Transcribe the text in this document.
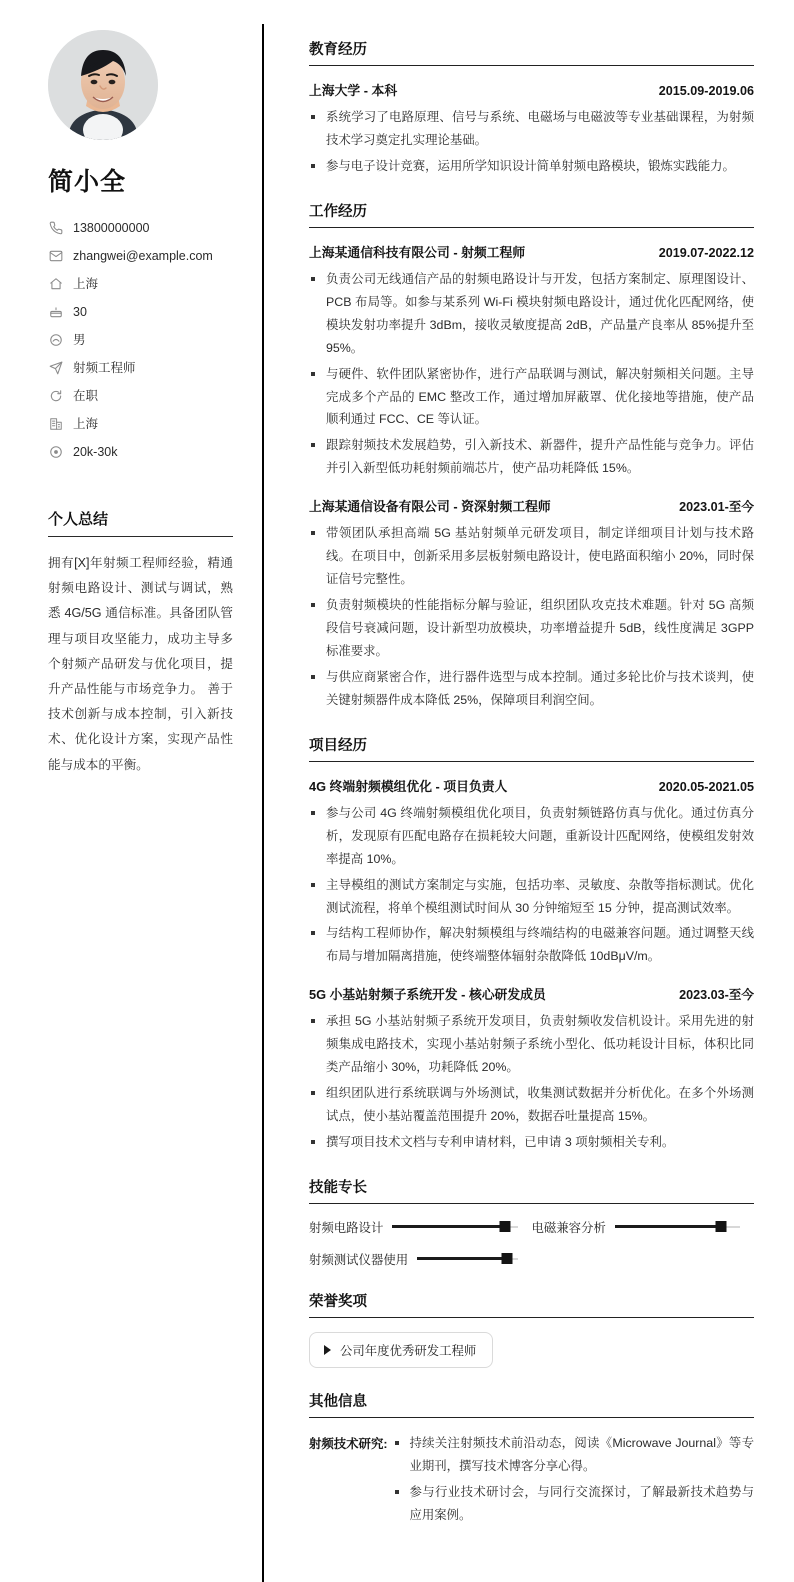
简小全
13800000000
zhangwei@example.com
上海
30
男
射频工程师
在职
上海
20k-30k
个人总结

拥有[X]年射频工程师经验，精通射频电路设计、测试与调试，熟悉 4G/5G 通信标准。具备团队管理与项目攻坚能力，成功主导多个射频产品研发与优化项目，提升产品性能与市场竞争力。 善于技术创新与成本控制，引入新技术、优化设计方案，实现产品性能与成本的平衡。

教育经历
上海大学 - 本科	2015.09-2019.06
系统学习了电路原理、信号与系统、电磁场与电磁波等专业基础课程，为射频技术学习奠定扎实理论基础。
参与电子设计竞赛，运用所学知识设计简单射频电路模块，锻炼实践能力。
工作经历
上海某通信科技有限公司 - 射频工程师	2019.07-2022.12
负责公司无线通信产品的射频电路设计与开发，包括方案制定、原理图设计、PCB 布局等。如参与某系列 Wi-Fi 模块射频电路设计，通过优化匹配网络，使模块发射功率提升 3dBm，接收灵敏度提高 2dB，产品量产良率从 85%提升至 95%。
与硬件、软件团队紧密协作，进行产品联调与测试，解决射频相关问题。主导完成多个产品的 EMC 整改工作，通过增加屏蔽罩、优化接地等措施，使产品顺利通过 FCC、CE 等认证。
跟踪射频技术发展趋势，引入新技术、新器件，提升产品性能与竞争力。评估并引入新型低功耗射频前端芯片，使产品功耗降低 15%。
上海某通信设备有限公司 - 资深射频工程师	2023.01-至今
带领团队承担高端 5G 基站射频单元研发项目，制定详细项目计划与技术路线。在项目中，创新采用多层板射频电路设计，使电路面积缩小 20%，同时保证信号完整性。
负责射频模块的性能指标分解与验证，组织团队攻克技术难题。针对 5G 高频段信号衰减问题，设计新型功放模块，功率增益提升 5dB，线性度满足 3GPP 标准要求。
与供应商紧密合作，进行器件选型与成本控制。通过多轮比价与技术谈判，使关键射频器件成本降低 25%，保障项目利润空间。
项目经历
4G 终端射频模组优化 - 项目负责人	2020.05-2021.05
参与公司 4G 终端射频模组优化项目，负责射频链路仿真与优化。通过仿真分析，发现原有匹配电路存在损耗较大问题，重新设计匹配网络，使模组发射效率提高 10%。
主导模组的测试方案制定与实施，包括功率、灵敏度、杂散等指标测试。优化测试流程，将单个模组测试时间从 30 分钟缩短至 15 分钟，提高测试效率。
与结构工程师协作，解决射频模组与终端结构的电磁兼容问题。通过调整天线布局与增加隔离措施，使终端整体辐射杂散降低 10dBμV/m。
5G 小基站射频子系统开发 - 核心研发成员	2023.03-至今
承担 5G 小基站射频子系统开发项目，负责射频收发信机设计。采用先进的射频集成电路技术，实现小基站射频子系统小型化、低功耗设计目标，体积比同类产品缩小 30%，功耗降低 20%。
组织团队进行系统联调与外场测试，收集测试数据并分析优化。在多个外场测试点，使小基站覆盖范围提升 20%，数据吞吐量提高 15%。
撰写项目技术文档与专利申请材料，已申请 3 项射频相关专利。
技能专长
射频电路设计	电磁兼容分析
射频测试仪器使用
荣誉奖项
公司年度优秀研发工程师
其他信息
射频技术研究:	持续关注射频技术前沿动态，阅读《Microwave Journal》等专业期刊，撰写技术博客分享心得。
参与行业技术研讨会，与同行交流探讨，了解最新技术趋势与应用案例。
